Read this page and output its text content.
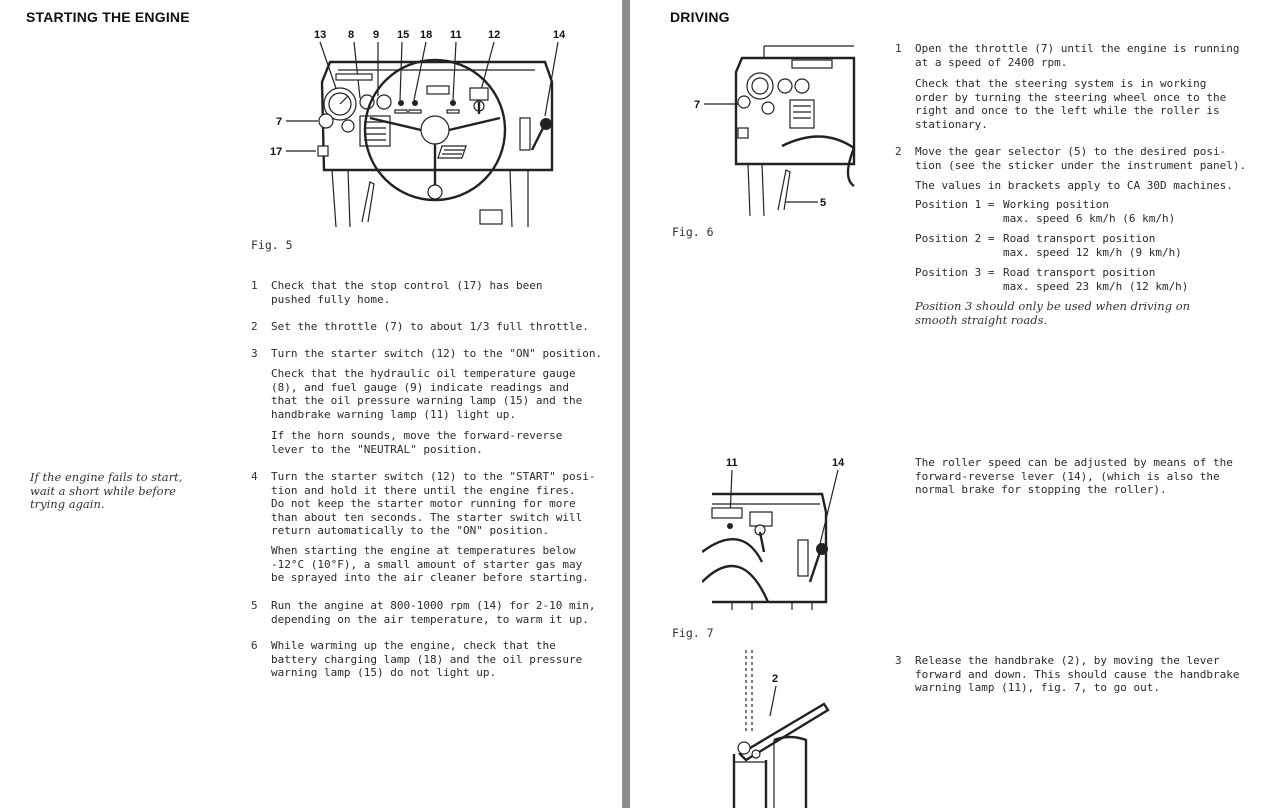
STARTING THE ENGINE
13 8 9 15 18 11 12	14
7
17
Fig. 5
If the engine fails to start,
wait a short while before
trying again.
1 Check that the stop control (17) has been
pushed fully home.
2 Set the throttle (7) to about 1/3 full throttle.
3 Turn the starter switch (12) to the "ON" position.
Check that the hydraulic oil temperature gauge
(8), and fuel gauge (9) indicate readings and
that the oil pressure warning lamp (15) and the
handbrake warning lamp (11) light up.
If the horn sounds, move the forward-reverse
lever to the "NEUTRAL" position.
4 Turn the starter switch (12) to the "START" posi-
tion and hold it there until the engine fires.
Do not keep the starter motor running for more
than about ten seconds. The starter switch will
return automatically to the "ON" position.
When starting the engine at temperatures below
-12°C (10°F), a small amount of starter gas may
be sprayed into the air cleaner before starting.
5 Run the angine at 800-1000 rpm (14) for 2-10 min,
depending on the air temperature, to warm it up.
6 While warming up the engine, check that the
battery charging lamp (18) and the oil pressure
warning lamp (15) do not light up.
DRIVING
7
5
Fig. 6
11	14
Fig. 7
2
1 Open the throttle (7) until the engine is running
at a speed of 2400 rpm.
Check that the steering system is in working
order by turning the steering wheel once to the
right and once to the left while the roller is
stationary.
2 Move the gear selector (5) to the desired posi-
tion (see the sticker under the instrument panel).
The values in brackets apply to CA 30D machines.
Position 1 = Working position
max. speed 6 km/h (6 km/h)
Position 2 = Road transport position
max. speed 12 km/h (9 km/h)
Position 3 = Road transport position
max. speed 23 km/h (12 km/h)
Position 3 should only be used when driving on
smooth straight roads.
The roller speed can be adjusted by means of the
forward-reverse lever (14), (which is also the
normal brake for stopping the roller).
3 Release the handbrake (2), by moving the lever
forward and down. This should cause the handbrake
warning lamp (11), fig. 7, to go out.
